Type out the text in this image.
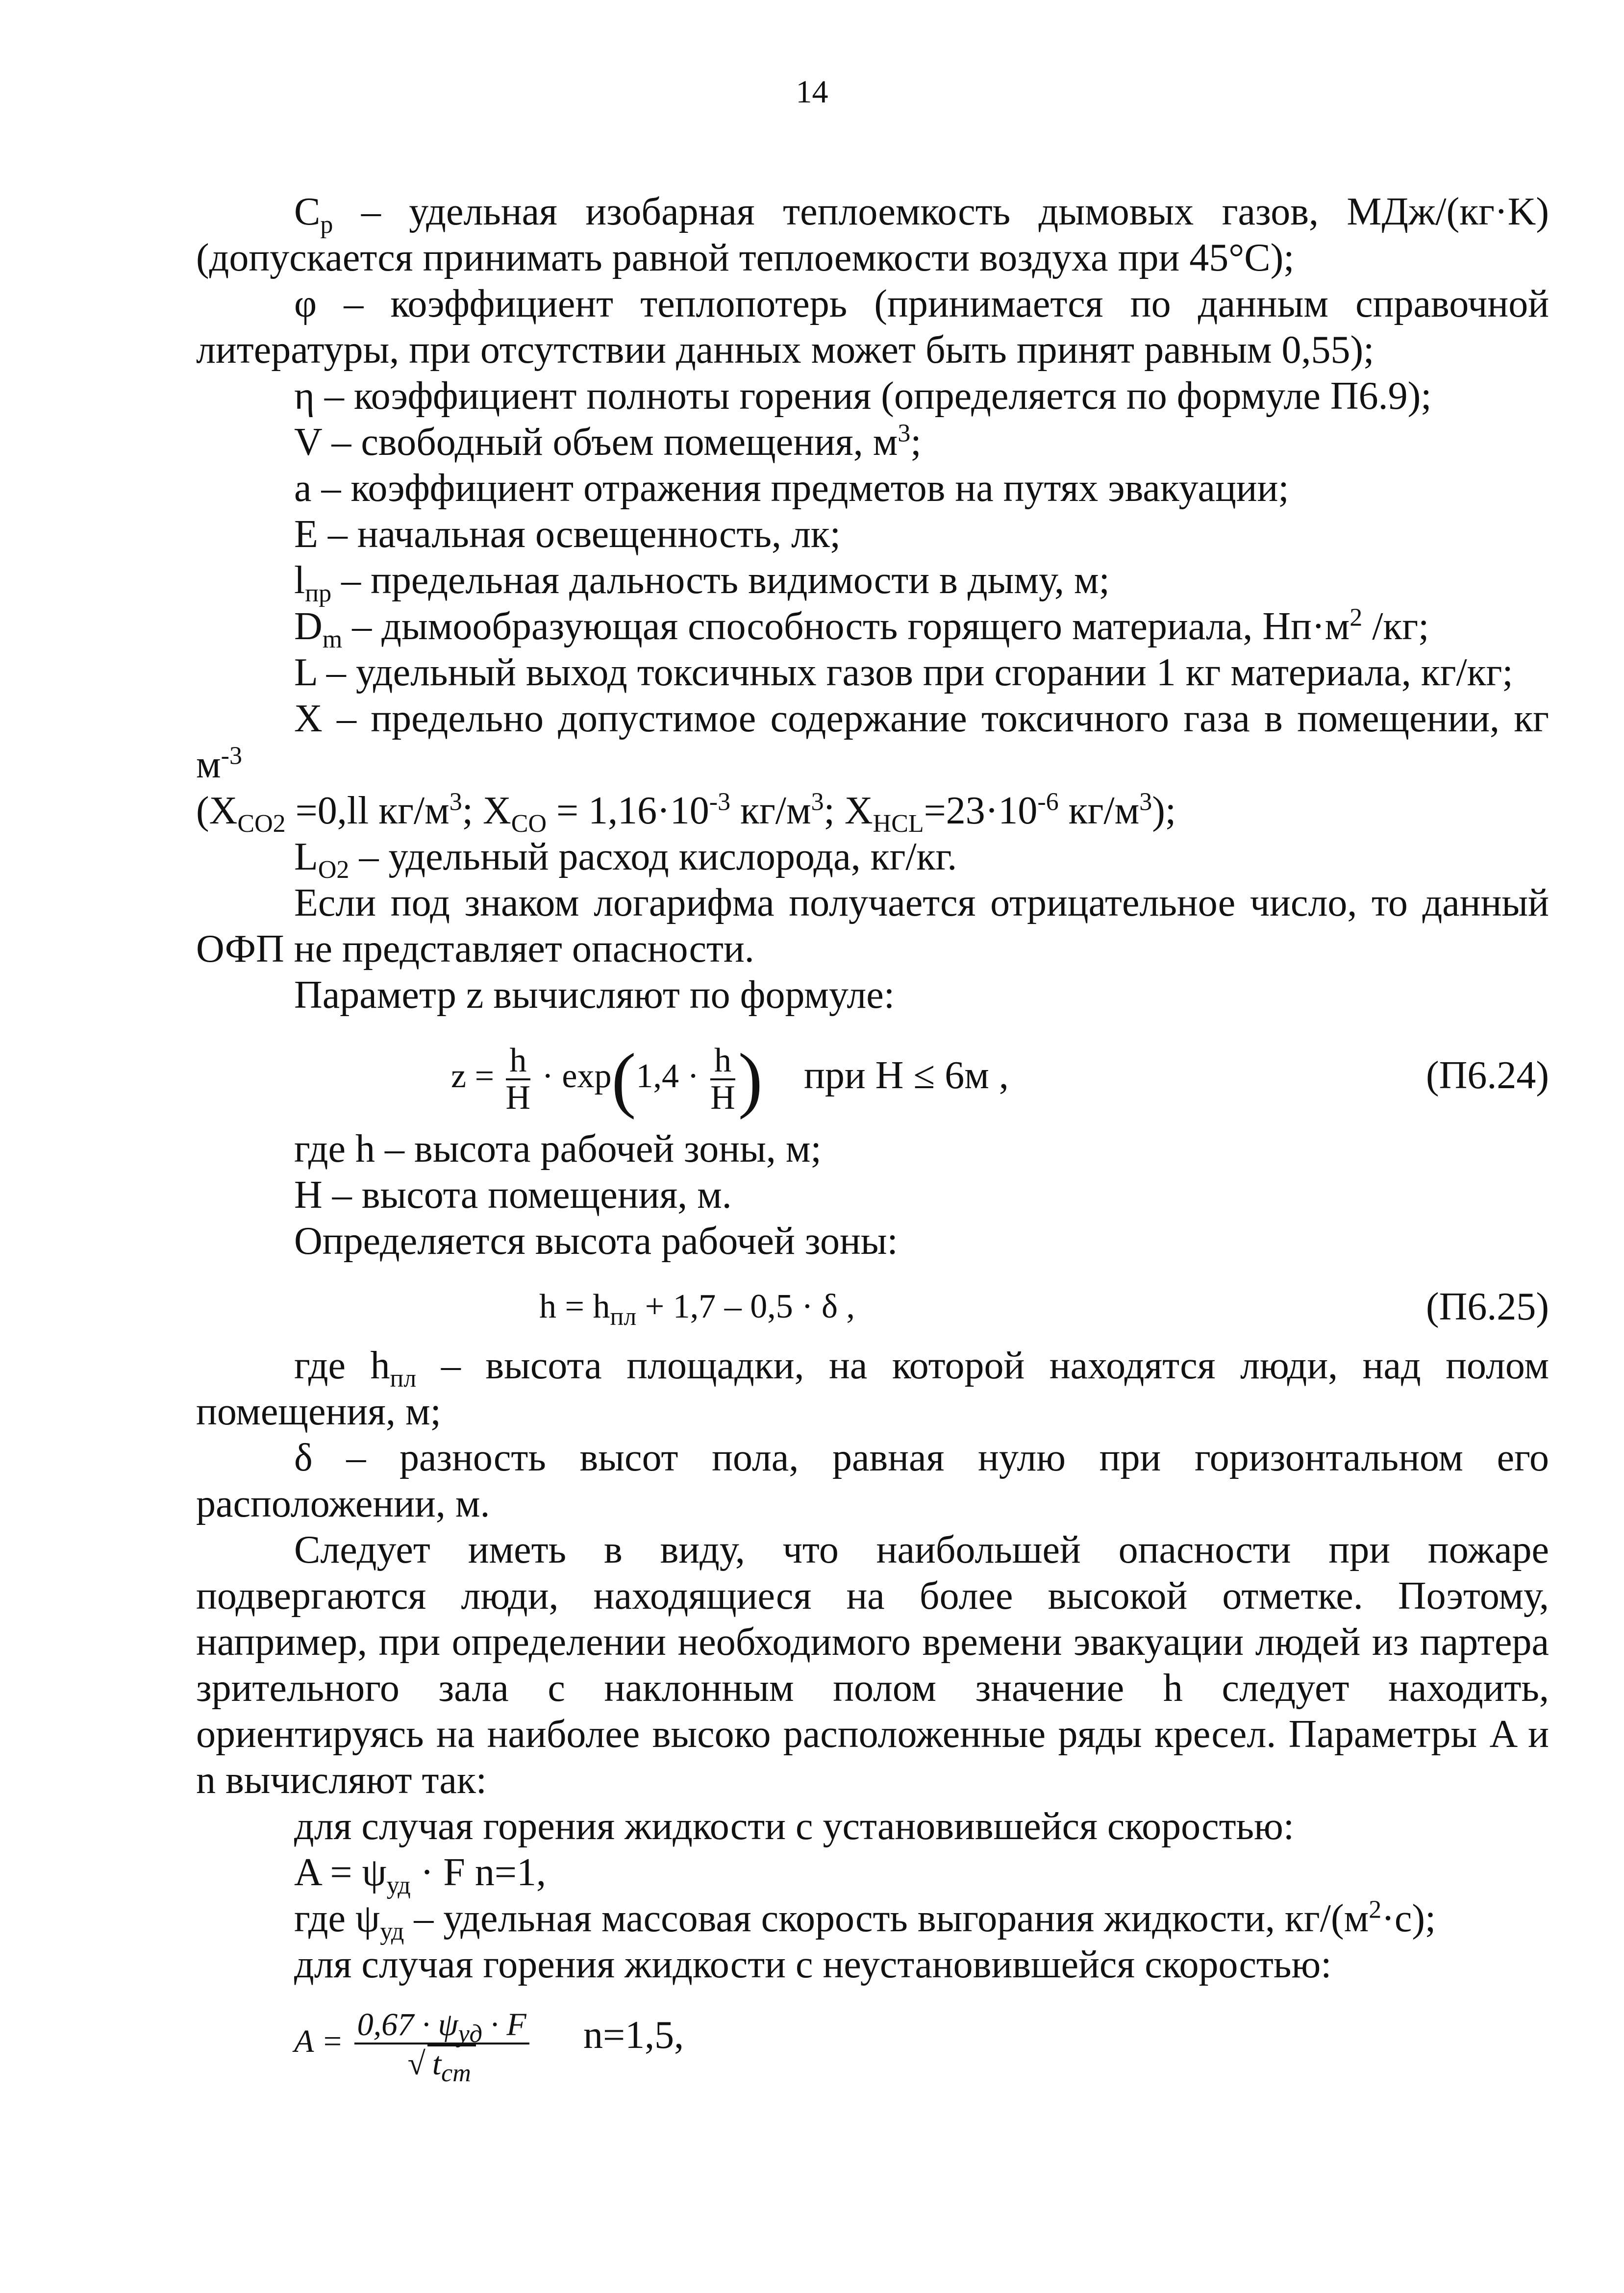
14

$C_p$ – удельная изобарная теплоемкость дымовых газов, МДж/(кг·K) (допускается принимать равной теплоемкости воздуха при 45°С);

φ – коэффициент теплопотерь (принимается по данным справочной литературы, при отсутствии данных может быть принят равным 0,55);

η – коэффициент полноты горения (определяется по формуле П6.9);

V – свободный объем помещения, $м^3$;

a – коэффициент отражения предметов на путях эвакуации;

E – начальная освещенность, лк;

$l_{пр}$ – предельная дальность видимости в дыму, м;

$D_m$ – дымообразующая способность горящего материала, $Нп\cdot м^2$ /кг;

L – удельный выход токсичных газов при сгорании 1 кг материала, кг/кг;

X – предельно допустимое содержание токсичного газа в помещении, кг $м^{-3}$

($X_{CO2} =0,ll$ $кг/м^3$; $X_{CO} = 1,16\cdot 10^{-3}$ $кг/м^3$; $X_{HCL}=23\cdot 10^{-6}$ $кг/м^3$);

$L_{O2}$ – удельный расход кислорода, кг/кг.

Если под знаком логарифма получается отрицательное число, то данный ОФП не представляет опасности.

Параметр z вычисляют по формуле:

$z = \frac{h}{H} \cdot \exp(1,4 \cdot \frac{h}{H}$ ) при H ≤ 6м ,	(П6.24)

где h – высота рабочей зоны, м;

H – высота помещения, м.

Определяется высота рабочей зоны:

$h = h_{пл} + 1,7 - 0,5 \cdot \delta$ ,	(П6.25)

где $h_{пл}$ – высота площадки, на которой находятся люди, над полом помещения, м;

δ – разность высот пола, равная нулю при горизонтальном его расположении, м.

Следует иметь в виду, что наибольшей опасности при пожаре подвергаются люди, находящиеся на более высокой отметке. Поэтому, например, при определении необходимого времени эвакуации людей из партера зрительного зала с наклонным полом значение h следует находить, ориентируясь на наиболее высоко расположенные ряды кресел. Параметры A и n вычисляют так:

для случая горения жидкости с установившейся скоростью:

$A = \psi_{уд} \cdot F$ n=1,

где $\psi_{уд}$ – удельная массовая скорость выгорания жидкости, $кг/(м^2\cdot с)$;

для случая горения жидкости с неустановившейся скоростью:

$A = \frac{0,67 \cdot \psi_{уд} \cdot F}{√ t_{ст}} n=1,5$,
